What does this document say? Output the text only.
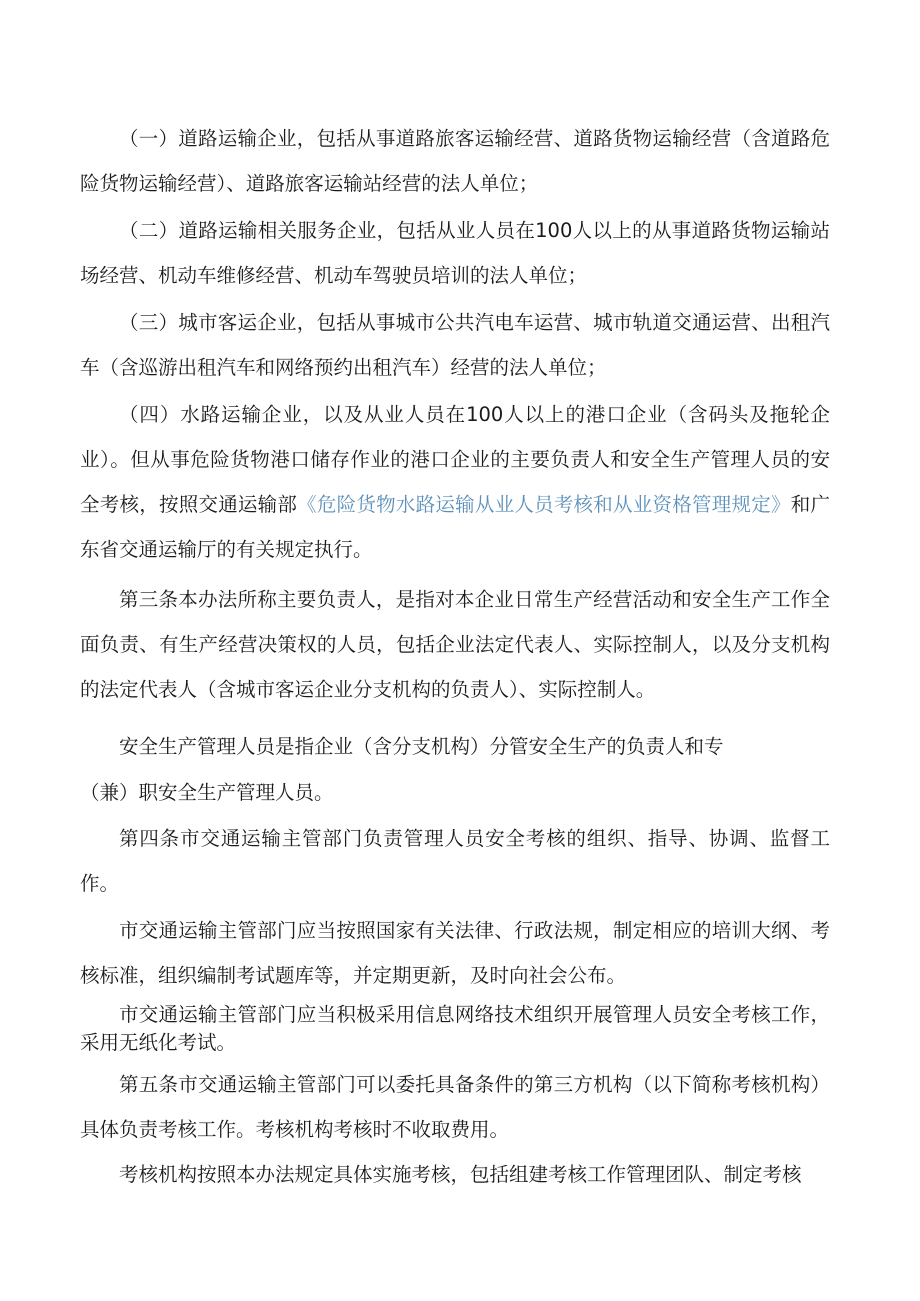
（一）道路运输企业，包括从事道路旅客运输经营、道路货物运输经营（含道路危险货物运输经营）、道路旅客运输站经营的法人单位；

（二）道路运输相关服务企业，包括从业人员在100人以上的从事道路货物运输站场经营、机动车维修经营、机动车驾驶员培训的法人单位；

（三）城市客运企业，包括从事城市公共汽电车运营、城市轨道交通运营、出租汽车（含巡游出租汽车和网络预约出租汽车）经营的法人单位；

（四）水路运输企业，以及从业人员在100人以上的港口企业（含码头及拖轮企业）。但从事危险货物港口储存作业的港口企业的主要负责人和安全生产管理人员的安全考核，按照交通运输部《危险货物水路运输从业人员考核和从业资格管理规定》和广东省交通运输厅的有关规定执行。

第三条本办法所称主要负责人，是指对本企业日常生产经营活动和安全生产工作全面负责、有生产经营决策权的人员，包括企业法定代表人、实际控制人，以及分支机构的法定代表人（含城市客运企业分支机构的负责人）、实际控制人。

安全生产管理人员是指企业（含分支机构）分管安全生产的负责人和专

（兼）职安全生产管理人员。

第四条市交通运输主管部门负责管理人员安全考核的组织、指导、协调、监督工作。

市交通运输主管部门应当按照国家有关法律、行政法规，制定相应的培训大纲、考核标准，组织编制考试题库等，并定期更新，及时向社会公布。

市交通运输主管部门应当积极采用信息网络技术组织开展管理人员安全考核工作，采用无纸化考试。

第五条市交通运输主管部门可以委托具备条件的第三方机构（以下简称考核机构）具体负责考核工作。考核机构考核时不收取费用。

考核机构按照本办法规定具体实施考核，包括组建考核工作管理团队、制定考核
